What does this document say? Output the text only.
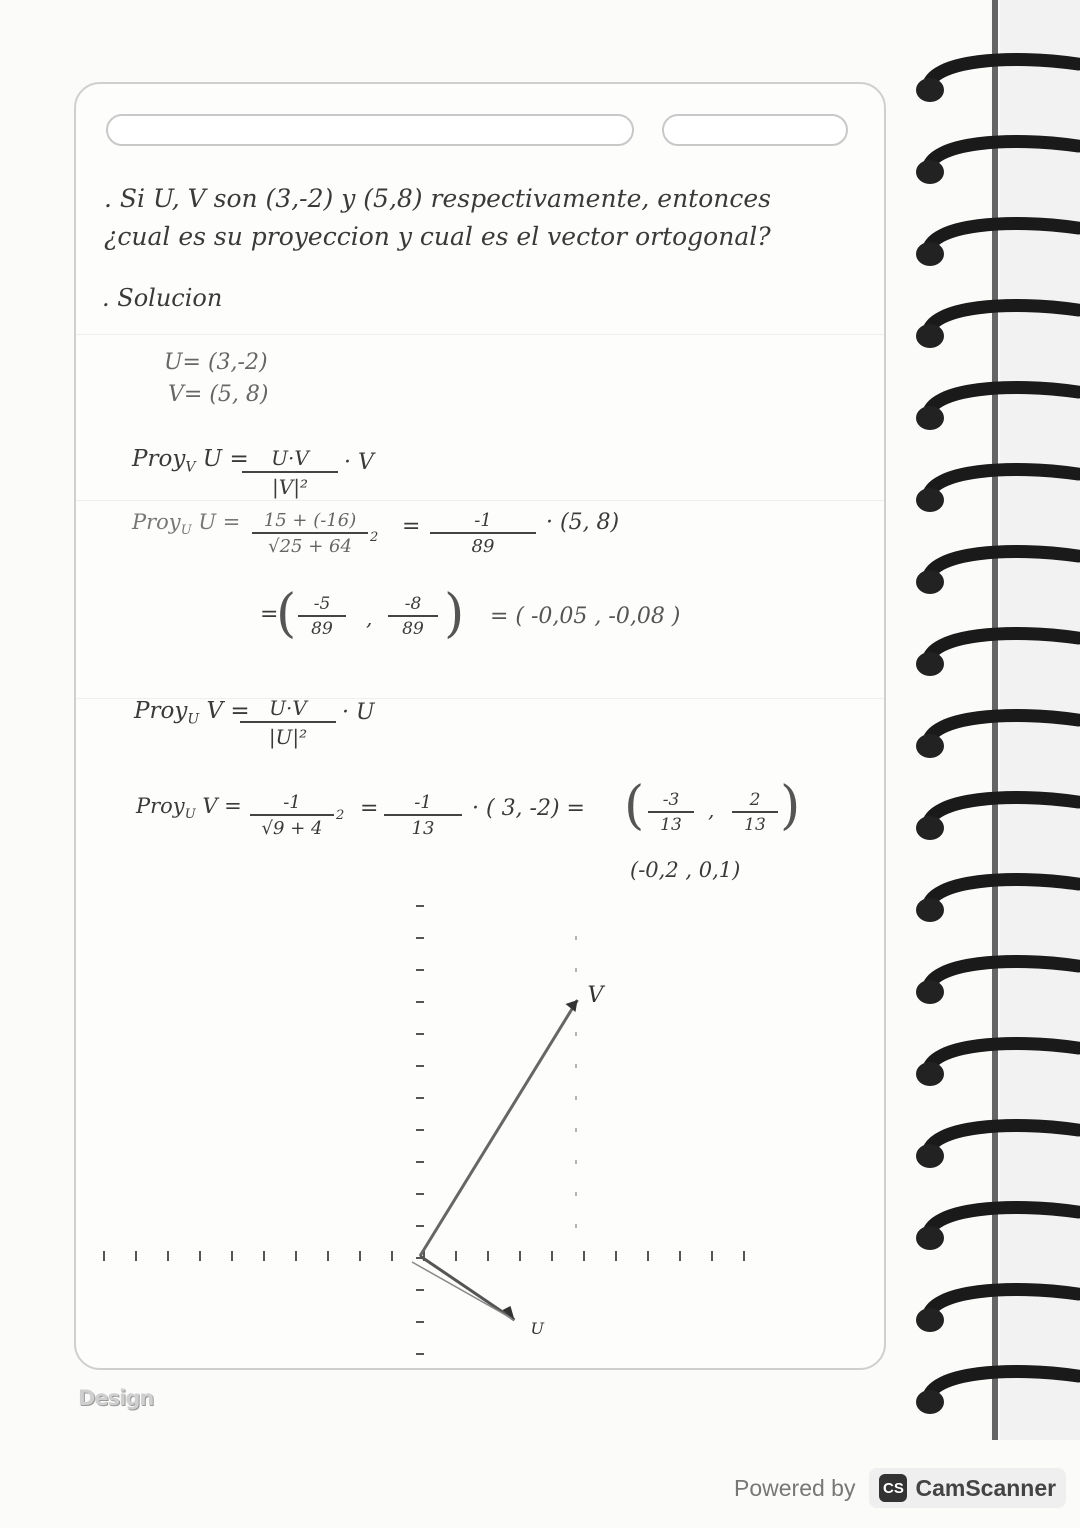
. Si U, V son (3,-2) y (5,8) respectivamente, entonces
¿cual es su proyeccion y cual es el vector ortogonal?
. Solucion
U= (3,-2)
V= (5, 8)
Proy$_V$ U =
$\frac{U\cdot V}{\text{|V|²}} \cdot V$
Proy$_U$ $U = \frac{15 + (-16)}{√25 + 64} 2 = \frac{-1}{89} \cdot (5$, 8)
=
( $\frac{-5}{89}$ , $\frac{-8}{89}$ ) = ( -0,05 , -0,08 )
Proy$_U$ V =
$\frac{U\cdot V}{\text{|U|²}} \cdot U$
Proy$_U$ $V = \frac{-1}{√9 + 4} 2 = \frac{-1}{13}$ · ( 3, -2) = ( $\frac{-3}{13}$ , $\frac{2}{13}$ )
(-0,2 , 0,1)
V
U
Design
Powered by CS CamScanner
